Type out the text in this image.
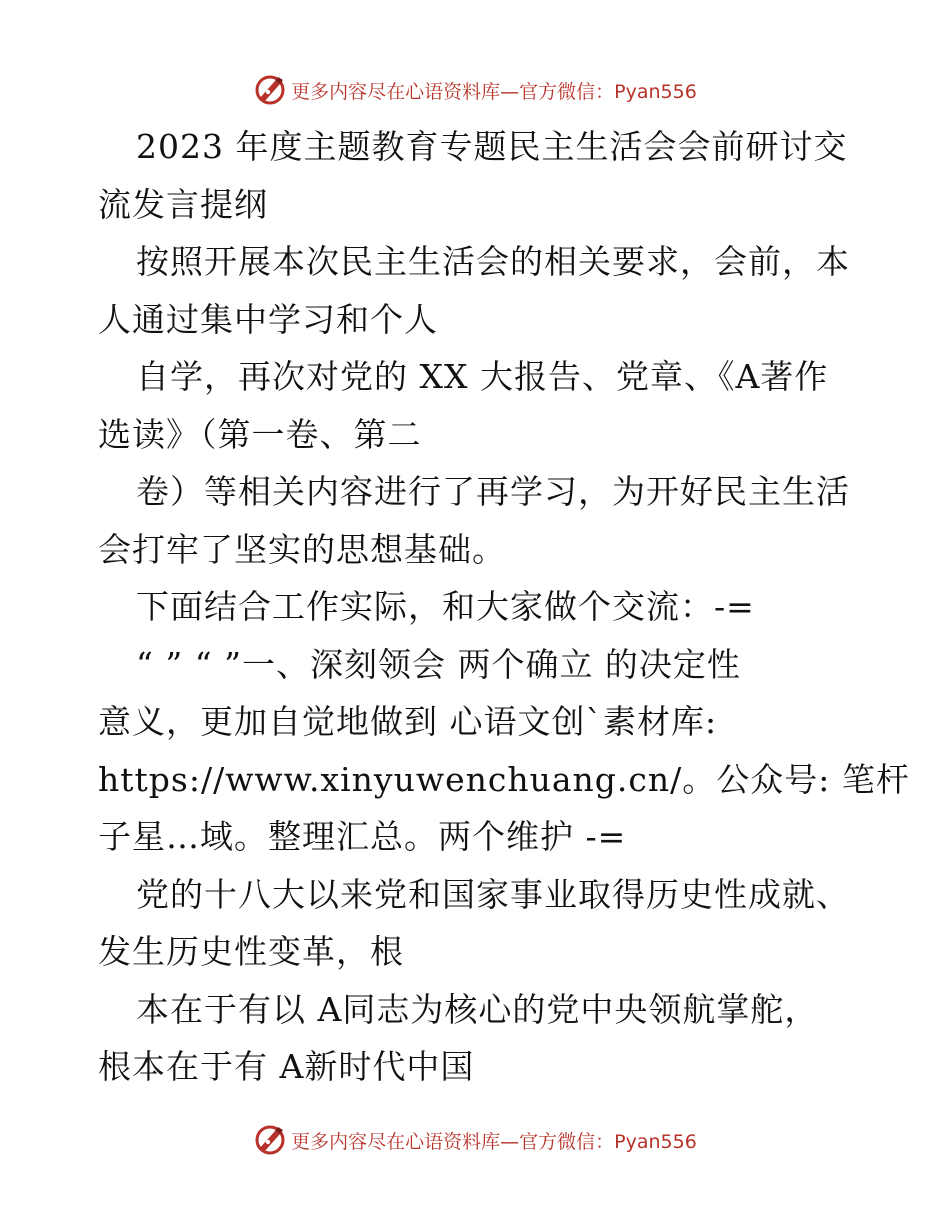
更多内容尽在心语资料库—官方微信：Pyan556
2023 年度主题教育专题民主生活会会前研讨交
流发言提纲
按照开展本次民主生活会的相关要求，会前，本
人通过集中学习和个人
自学，再次对党的 XX 大报告、党章、《A著作
选读》（第一卷、第二
卷）等相关内容进行了再学习，为开好民主生活
会打牢了坚实的思想基础。
下面结合工作实际，和大家做个交流：-=
“ ” “ ”一、深刻领会 两个确立 的决定性
意义，更加自觉地做到 心语文创`素材库:
https://www.xinyuwenchuang.cn/。公众号: 笔杆
子星…域。整理汇总。两个维护 -=
党的十八大以来党和国家事业取得历史性成就、
发生历史性变革，根
本在于有以 A同志为核心的党中央领航掌舵，
根本在于有 A新时代中国
更多内容尽在心语资料库—官方微信：Pyan556
